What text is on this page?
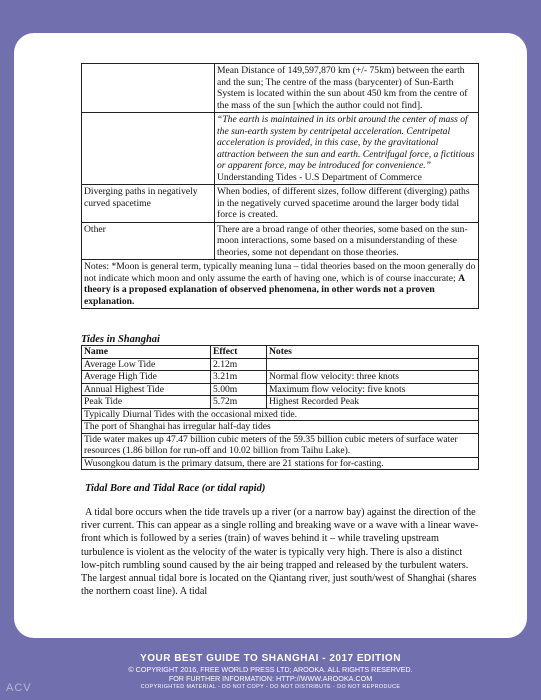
	Mean Distance of 149,597,870 km (+/- 75km) between the earth and the sun; The centre of the mass (barycenter) of Sun-Earth System is located within the sun about 450 km from the centre of the mass of the sun [which the author could not find].

	“The earth is maintained in its orbit around the center of mass of the sun-earth system by centripetal acceleration. Centripetal acceleration is provided, in this case, by the gravitational attraction between the sun and earth. Centrifugal force, a fictitious or apparent force, may be introduced for convenience.”
Understanding Tides - U.S Department of Commerce

Diverging paths in negatively curved spacetime	When bodies, of different sizes, follow different (diverging) paths in the negatively curved spacetime around the larger body tidal force is created.
Other	There are a broad range of other theories, some based on the sun-moon interactions, some based on a misunderstanding of these theories, some not dependant on those theories.
Notes: *Moon is general term, typically meaning luna – tidal theories based on the moon generally do not indicate which moon and only assume the earth of having one, which is of course inaccurate; A theory is a proposed explanation of observed phenomena, in other words not a proven explanation.	

Tides in Shanghai

Name	Effect	Notes
Average Low Tide	2.12m	
Average High Tide	3.21m	Normal flow velocity: three knots
Annual Highest Tide	5.00m	Maximum flow velocity: five knots
Peak Tide	5.72m	Highest Recorded Peak
Typically Diurnal Tides with the occasional mixed tide.		
The port of Shanghai has irregular half-day tides		
Tide water makes up 47.47 billion cubic meters of the 59.35 billion cubic meters of surface water resources (1.86 billon for run-off and 10.02 billion from Taihu Lake).		
Wusongkou datum is the primary datsum, there are 21 stations for for-casting.		

Tidal Bore and Tidal Race (or tidal rapid)

A tidal bore occurs when the tide travels up a river (or a narrow bay) against the direction of the river current. This can appear as a single rolling and breaking wave or a wave with a linear wave-front which is followed by a series (train) of waves behind it – while traveling upstream turbulence is violent as the velocity of the water is typically very high. There is also a distinct low-pitch rumbling sound caused by the air being trapped and released by the turbulent waters. The largest annual tidal bore is located on the Qiantang river, just south/west of Shanghai (shares the northern coast line). A tidal

YOUR BEST GUIDE TO SHANGHAI - 2017 EDITION
© COPYRIGHT 2016, FREE WORLD PRESS LTD; AROOKA. ALL RIGHTS RESERVED.
FOR FURTHER INFORMATION: HTTP://WWW.AROOKA.COM
COPYRIGHTED MATERIAL - DO NOT COPY - DO NOT DISTRIBUTE - DO NOT REPRODUCE
ACV
